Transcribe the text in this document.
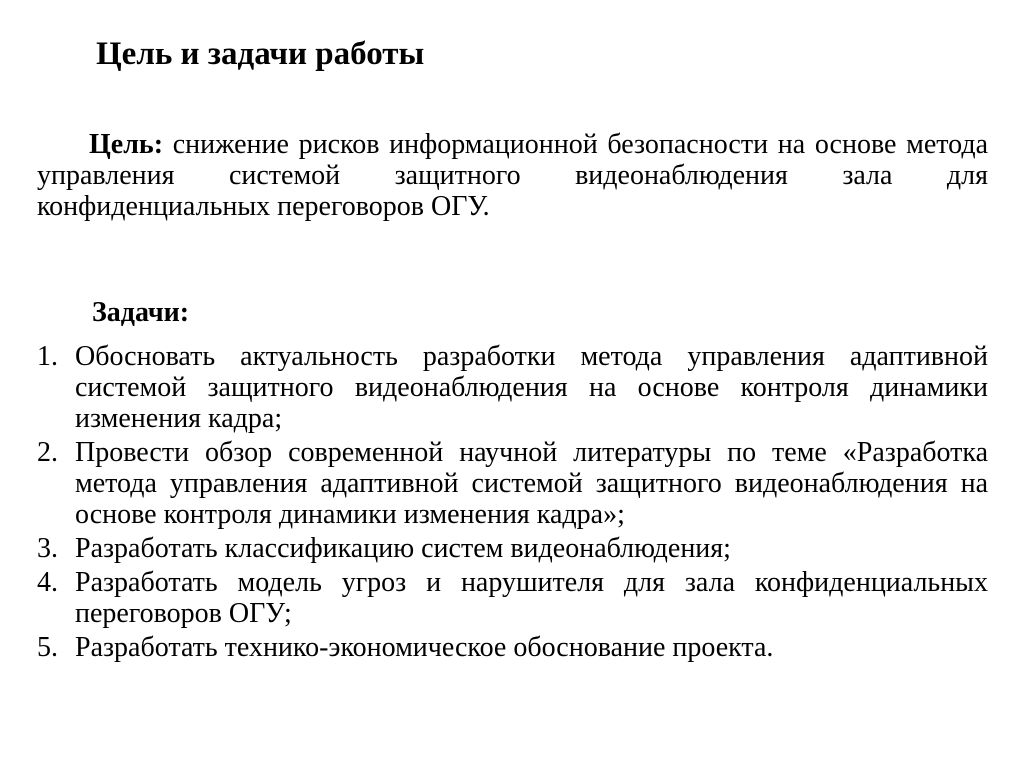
Цель и задачи работы

Цель: снижение рисков информационной безопасности на основе метода управления системой защитного видеонаблюдения зала для конфиденциальных переговоров ОГУ.

Задачи:
1. Обосновать актуальность разработки метода управления адаптивной системой защитного видеонаблюдения на основе контроля динамики изменения кадра;
2. Провести обзор современной научной литературы по теме «Разработка метода управления адаптивной системой защитного видеонаблюдения на основе контроля динамики изменения кадра»;
3. Разработать классификацию систем видеонаблюдения;
4. Разработать модель угроз и нарушителя для зала конфиденциальных переговоров ОГУ;
5. Разработать технико-экономическое обоснование проекта.
